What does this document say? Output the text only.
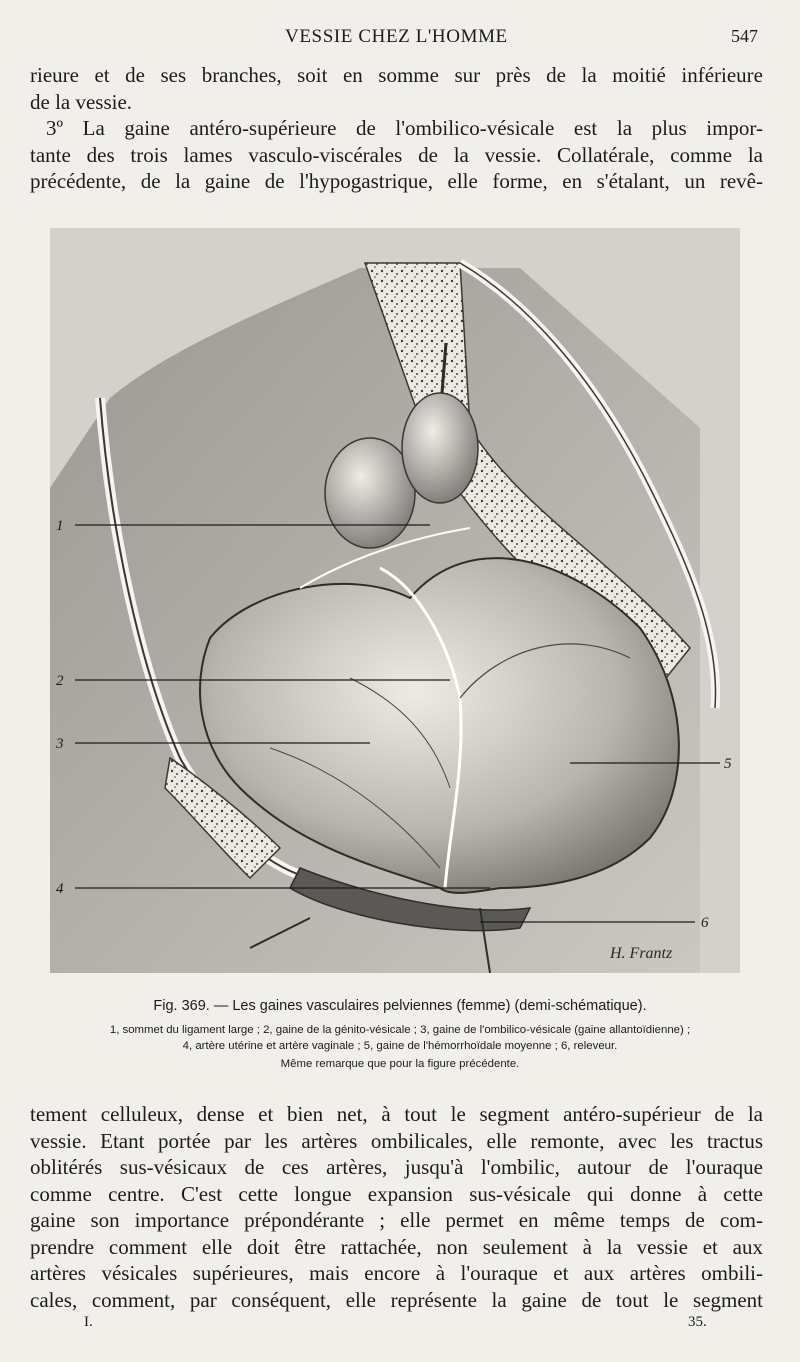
VESSIE CHEZ L'HOMME	547
rieure et de ses branches, soit en somme sur près de la moitié inférieure
de la vessie.
3º La gaine antéro-supérieure de l'ombilico-vésicale est la plus impor-
tante des trois lames vasculo-viscérales de la vessie. Collatérale, comme la
précédente, de la gaine de l'hypogastrique, elle forme, en s'étalant, un revê-
1
2
3
5
4
6
H. Frantz
Fig. 369. — Les gaines vasculaires pelviennes (femme) (demi-schématique).
1, sommet du ligament large ; 2, gaine de la génito-vésicale ; 3, gaine de l'ombilico-vésicale (gaine allantoïdienne) ;
4, artère utérine et artère vaginale ; 5, gaine de l'hémorrhoïdale moyenne ; 6, releveur.
Même remarque que pour la figure précédente.
tement celluleux, dense et bien net, à tout le segment antéro-supérieur de la
vessie. Etant portée par les artères ombilicales, elle remonte, avec les tractus
oblitérés sus-vésicaux de ces artères, jusqu'à l'ombilic, autour de l'ouraque
comme centre. C'est cette longue expansion sus-vésicale qui donne à cette
gaine son importance prépondérante ; elle permet en même temps de com-
prendre comment elle doit être rattachée, non seulement à la vessie et aux
artères vésicales supérieures, mais encore à l'ouraque et aux artères ombili-
cales, comment, par conséquent, elle représente la gaine de tout le segment
I.	35.
